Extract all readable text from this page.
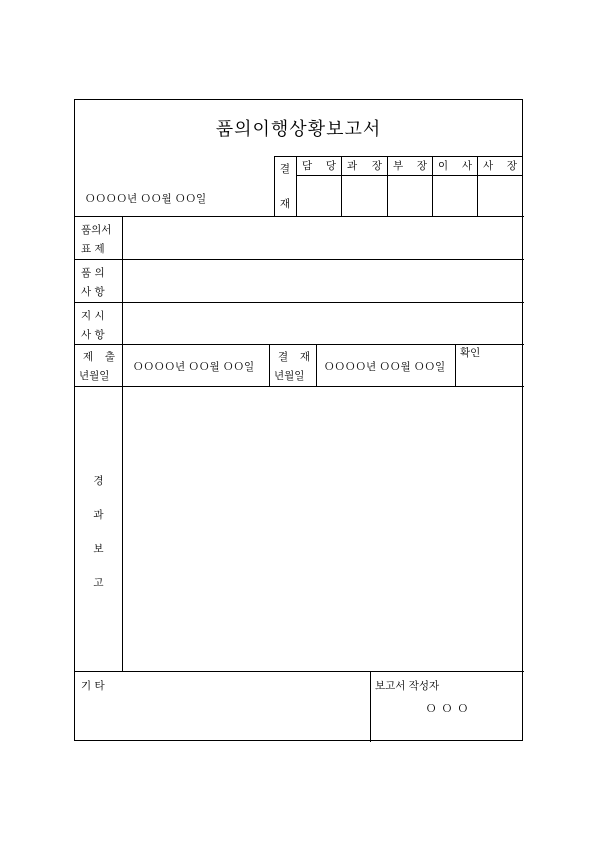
품의이행상황보고서
ＯＯＯＯ년 ＯＯ월 ＯＯ일
결
재
담 당 과 장 부 장 이 사 사 장
품의서
표 제
품 의
사 항
지 시
사 항
제 출
년월일
ＯＯＯＯ년 ＯＯ월 ＯＯ일
결 재
년월일
ＯＯＯＯ년 ＯＯ월 ＯＯ일
확인
경
과
보
고
기 타	보고서 작성자
Ｏ Ｏ Ｏ
